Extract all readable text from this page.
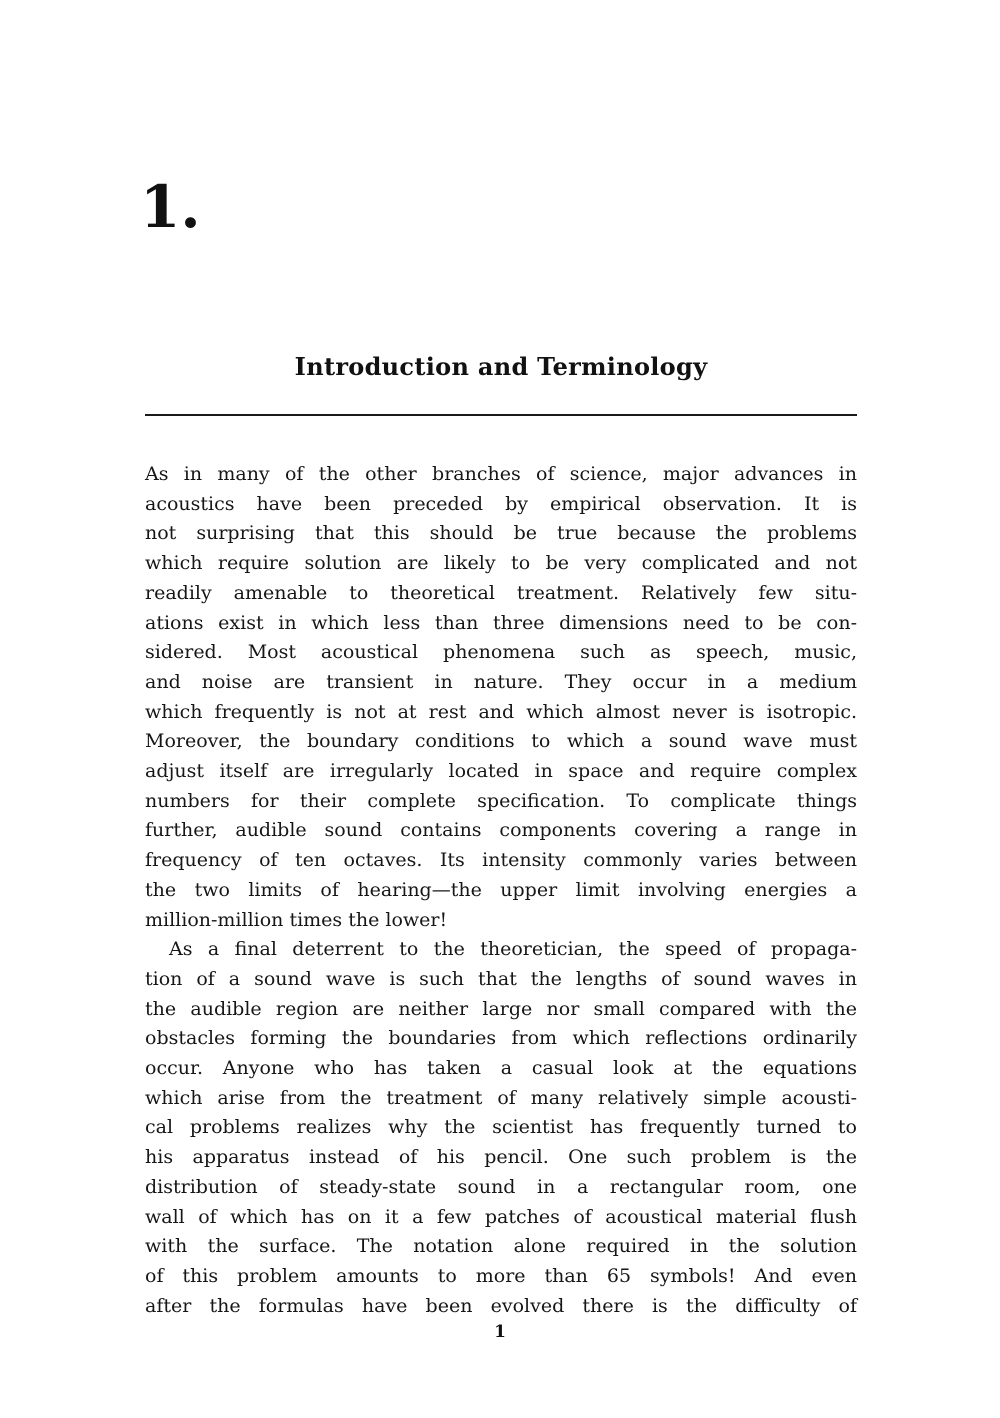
1.
Introduction and Terminology
As in many of the other branches of science, major advances in
acoustics have been preceded by empirical observation. It is
not surprising that this should be true because the problems
which require solution are likely to be very complicated and not
readily amenable to theoretical treatment. Relatively few situ-
ations exist in which less than three dimensions need to be con-
sidered. Most acoustical phenomena such as speech, music,
and noise are transient in nature. They occur in a medium
which frequently is not at rest and which almost never is isotropic.
Moreover, the boundary conditions to which a sound wave must
adjust itself are irregularly located in space and require complex
numbers for their complete specification. To complicate things
further, audible sound contains components covering a range in
frequency of ten octaves. Its intensity commonly varies between
the two limits of hearing—the upper limit involving energies a
million-million times the lower!
As a final deterrent to the theoretician, the speed of propaga-
tion of a sound wave is such that the lengths of sound waves in
the audible region are neither large nor small compared with the
obstacles forming the boundaries from which reflections ordinarily
occur. Anyone who has taken a casual look at the equations
which arise from the treatment of many relatively simple acousti-
cal problems realizes why the scientist has frequently turned to
his apparatus instead of his pencil. One such problem is the
distribution of steady-state sound in a rectangular room, one
wall of which has on it a few patches of acoustical material flush
with the surface. The notation alone required in the solution
of this problem amounts to more than 65 symbols! And even
after the formulas have been evolved there is the difficulty of
1
